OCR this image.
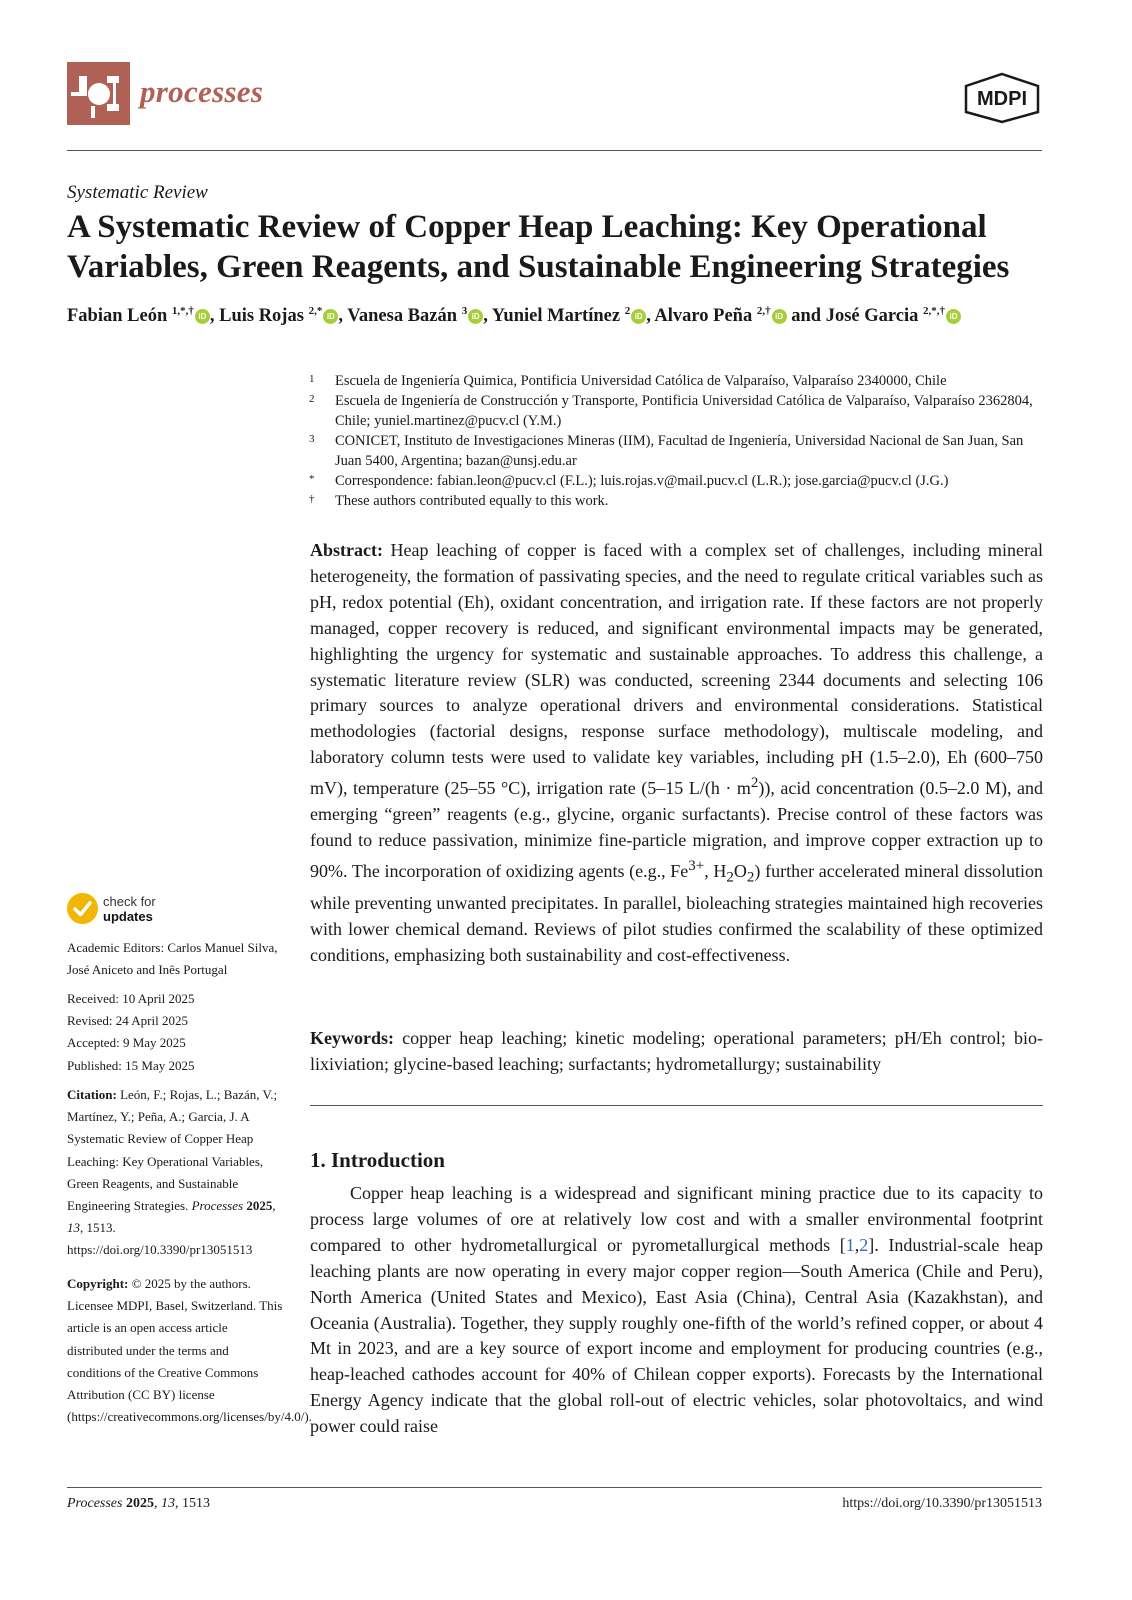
processes	MDPI
Systematic Review
A Systematic Review of Copper Heap Leaching: Key Operational Variables, Green Reagents, and Sustainable Engineering Strategies
Fabian León $^{1,*,\dagger}$ iD , Luis Rojas $^{2,*}$ iD , Vanesa Bazán $^3$ iD , Yuniel Martínez $^2$ iD , Alvaro Peña $^{2,\dagger}$ iD and José Garcia $^{2,*,\dagger}$ iD

1 Escuela de Ingeniería Quimica, Pontificia Universidad Católica de Valparaíso, Valparaíso 2340000, Chile

2 Escuela de Ingeniería de Construcción y Transporte, Pontificia Universidad Católica de Valparaíso, Valparaíso 2362804, Chile; yuniel.martinez@pucv.cl (Y.M.)

3 CONICET, Instituto de Investigaciones Mineras (IIM), Facultad de Ingeniería, Universidad Nacional de San Juan, San Juan 5400, Argentina; bazan@unsj.edu.ar

* Correspondence: fabian.leon@pucv.cl (F.L.); luis.rojas.v@mail.pucv.cl (L.R.); jose.garcia@pucv.cl (J.G.)

† These authors contributed equally to this work.

Abstract: Heap leaching of copper is faced with a complex set of challenges, including mineral heterogeneity, the formation of passivating species, and the need to regulate critical variables such as pH, redox potential (Eh), oxidant concentration, and irrigation rate. If these factors are not properly managed, copper recovery is reduced, and significant environmental impacts may be generated, highlighting the urgency for systematic and sustainable approaches. To address this challenge, a systematic literature review (SLR) was conducted, screening 2344 documents and selecting 106 primary sources to analyze operational drivers and environmental considerations. Statistical methodologies (factorial designs, response surface methodology), multiscale modeling, and laboratory column tests were used to validate key variables, including pH (1.5–2.0), Eh (600–750 mV), temperature (25–55 °C), irrigation rate (5–15 $L/(h \cdot m^2)$), acid concentration (0.5–2.0 M), and emerging “green” reagents (e.g., glycine, organic surfactants). Precise control of these factors was found to reduce passivation, minimize fine-particle migration, and improve copper extraction up to 90%. The incorporation of oxidizing agents (e.g., $Fe^{3+}$, $H_2O_2$) further accelerated mineral dissolution while preventing unwanted precipitates. In parallel, bioleaching strategies maintained high recoveries with lower chemical demand. Reviews of pilot studies confirmed the scalability of these optimized conditions, emphasizing both sustainability and cost-effectiveness.

Keywords: copper heap leaching; kinetic modeling; operational parameters; pH/Eh control; bio-lixiviation; glycine-based leaching; surfactants; hydrometallurgy; sustainability

1. Introduction

Copper heap leaching is a widespread and significant mining practice due to its capacity to process large volumes of ore at relatively low cost and with a smaller environmental footprint compared to other hydrometallurgical or pyrometallurgical methods [1,2]. Industrial-scale heap leaching plants are now operating in every major copper region—South America (Chile and Peru), North America (United States and Mexico), East Asia (China), Central Asia (Kazakhstan), and Oceania (Australia). Together, they supply roughly one-fifth of the world’s refined copper, or about 4 Mt in 2023, and are a key source of export income and employment for producing countries (e.g., heap-leached cathodes account for 40% of Chilean copper exports). Forecasts by the International Energy Agency indicate that the global roll-out of electric vehicles, solar photovoltaics, and wind power could raise

check for
updates

Academic Editors: Carlos Manuel Silva, José Aniceto and Inês Portugal

Received: 10 April 2025
Revised: 24 April 2025
Accepted: 9 May 2025
Published: 15 May 2025

Citation: León, F.; Rojas, L.; Bazán, V.; Martínez, Y.; Peña, A.; Garcia, J. A Systematic Review of Copper Heap Leaching: Key Operational Variables, Green Reagents, and Sustainable Engineering Strategies. Processes 2025, 13, 1513. https://doi.org/10.3390/pr13051513

Copyright: © 2025 by the authors. Licensee MDPI, Basel, Switzerland. This article is an open access article distributed under the terms and conditions of the Creative Commons Attribution (CC BY) license (https://creativecommons.org/licenses/by/4.0/).

Processes 2025, 13, 1513	https://doi.org/10.3390/pr13051513
